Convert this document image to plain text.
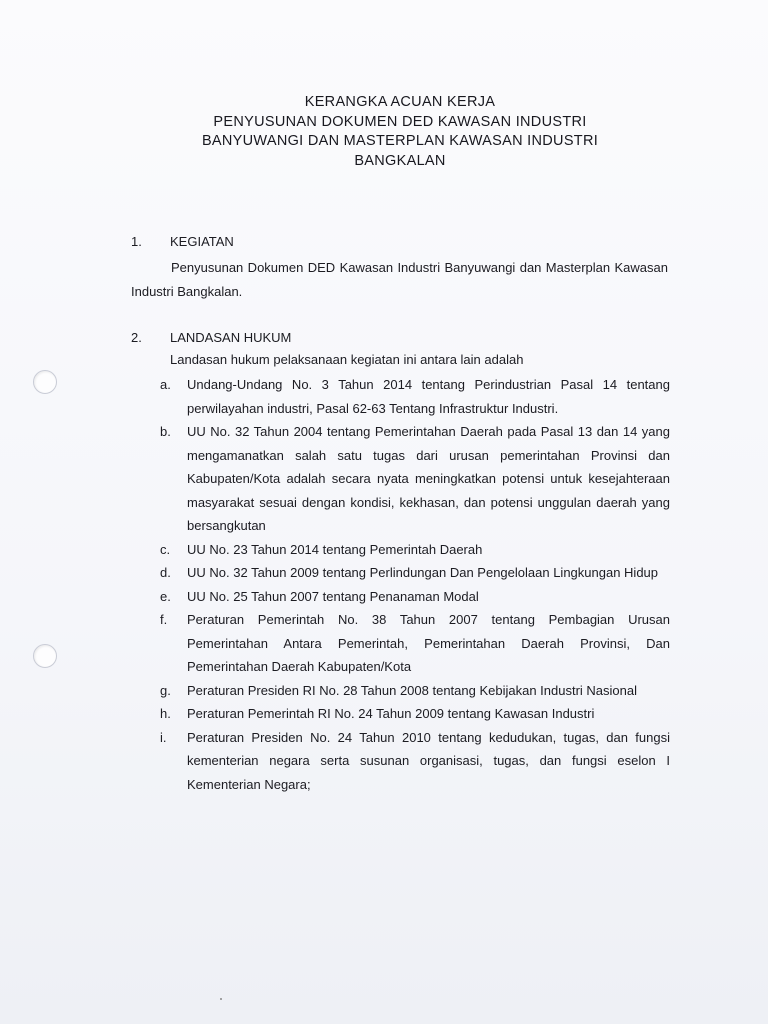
KERANGKA ACUAN KERJA
PENYUSUNAN DOKUMEN DED KAWASAN INDUSTRI
BANYUWANGI DAN MASTERPLAN KAWASAN INDUSTRI
BANGKALAN
1. KEGIATAN
Penyusunan Dokumen DED Kawasan Industri Banyuwangi dan Masterplan Kawasan Industri Bangkalan.
2. LANDASAN HUKUM
Landasan hukum pelaksanaan kegiatan ini antara lain adalah
a. Undang-Undang No. 3 Tahun 2014 tentang Perindustrian Pasal 14 tentang perwilayahan industri, Pasal 62-63 Tentang Infrastruktur Industri.
b. UU No. 32 Tahun 2004 tentang Pemerintahan Daerah pada Pasal 13 dan 14 yang mengamanatkan salah satu tugas dari urusan pemerintahan Provinsi dan Kabupaten/Kota adalah secara nyata meningkatkan potensi untuk kesejahteraan masyarakat sesuai dengan kondisi, kekhasan, dan potensi unggulan daerah yang bersangkutan
c. UU No. 23 Tahun 2014 tentang Pemerintah Daerah
d. UU No. 32 Tahun 2009 tentang Perlindungan Dan Pengelolaan Lingkungan Hidup
e. UU No. 25 Tahun 2007 tentang Penanaman Modal
f. Peraturan Pemerintah No. 38 Tahun 2007 tentang Pembagian Urusan Pemerintahan Antara Pemerintah, Pemerintahan Daerah Provinsi, Dan Pemerintahan Daerah Kabupaten/Kota
g. Peraturan Presiden RI No. 28 Tahun 2008 tentang Kebijakan Industri Nasional
h. Peraturan Pemerintah RI No. 24 Tahun 2009 tentang Kawasan Industri
i. Peraturan Presiden No. 24 Tahun 2010 tentang kedudukan, tugas, dan fungsi kementerian negara serta susunan organisasi, tugas, dan fungsi eselon I Kementerian Negara;
